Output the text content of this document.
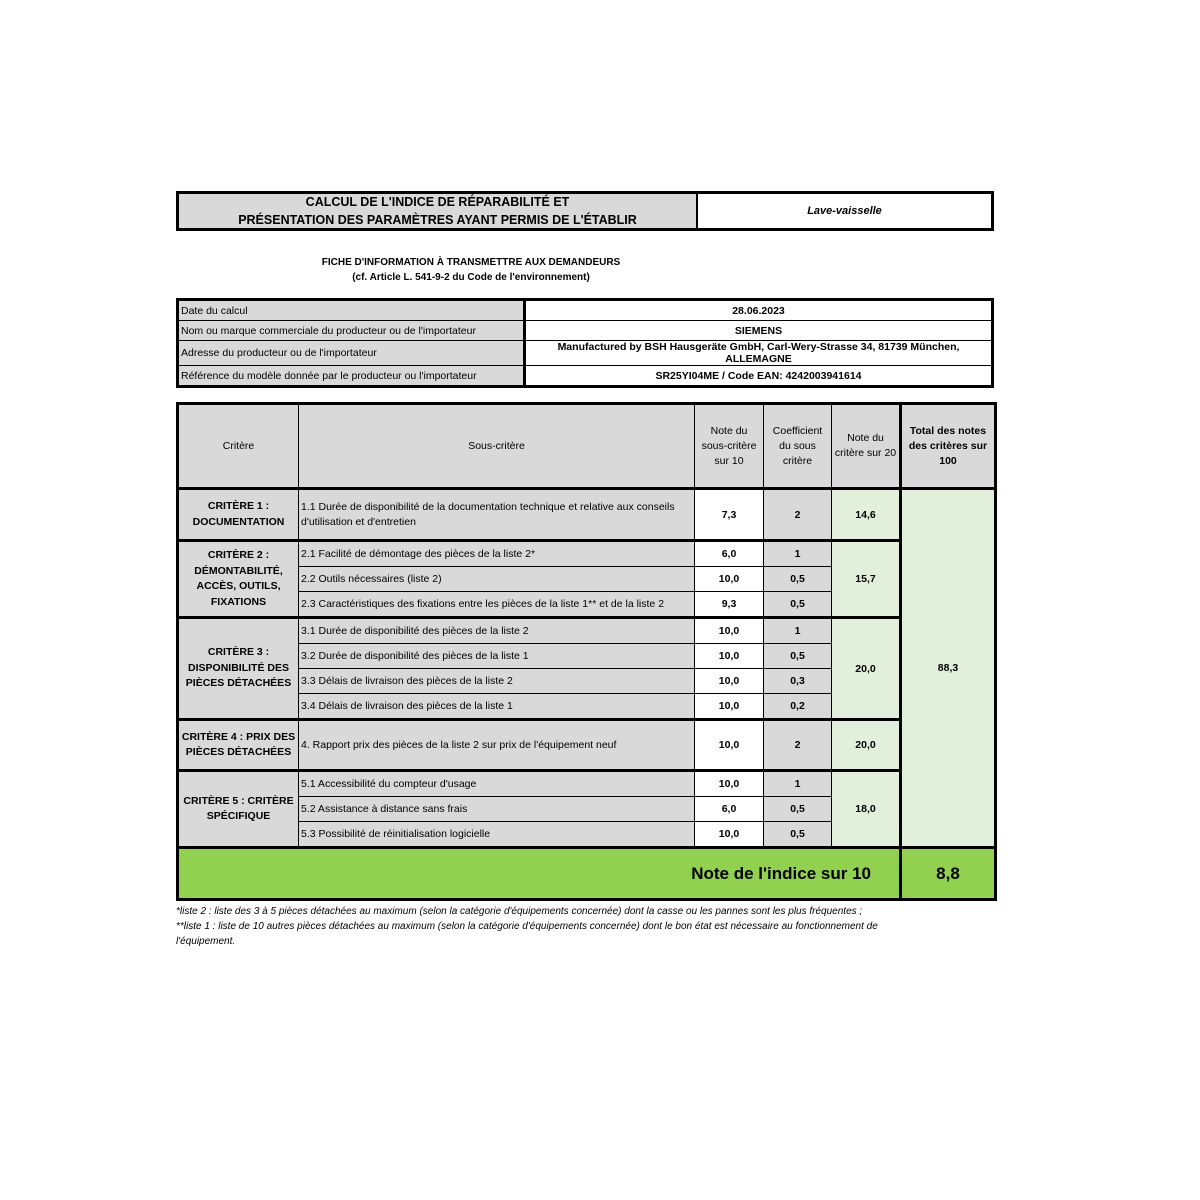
CALCUL DE L'INDICE DE RÉPARABILITÉ ET
PRÉSENTATION DES PARAMÈTRES AYANT PERMIS DE L'ÉTABLIR
Lave-vaisselle
FICHE D'INFORMATION À TRANSMETTRE AUX DEMANDEURS
(cf. Article L. 541-9-2 du Code de l'environnement)
Date du calcul	28.06.2023
Nom ou marque commerciale du producteur ou de l'importateur	SIEMENS
Adresse du producteur ou de l'importateur	Manufactured by BSH Hausgeräte GmbH, Carl-Wery-Strasse 34, 81739 München, ALLEMAGNE
Référence du modèle donnée par le producteur ou l'importateur	SR25YI04ME / Code EAN: 4242003941614
Critère	Sous-critère	Note du sous-critère sur 10	Coefficient du sous critère	Note du critère sur 20	Total des notes des critères sur 100
CRITÈRE 1 : DOCUMENTATION	1.1 Durée de disponibilité de la documentation technique et relative aux conseils d'utilisation et d'entretien	7,3	2	14,6	88,3
CRITÈRE 2 : DÉMONTABILITÉ, ACCÈS, OUTILS, FIXATIONS	2.1 Facilité de démontage des pièces de la liste 2*	6,0	1	15,7	
	2.2 Outils nécessaires (liste 2)	10,0	0,5		
	2.3 Caractéristiques des fixations entre les pièces de la liste 1** et de la liste 2	9,3	0,5		
CRITÈRE 3 : DISPONIBILITÉ DES PIÈCES DÉTACHÉES	3.1 Durée de disponibilité des pièces de la liste 2	10,0	1	20,0	
	3.2 Durée de disponibilité des pièces de la liste 1	10,0	0,5		
	3.3 Délais de livraison des pièces de la liste 2	10,0	0,3		
	3.4 Délais de livraison des pièces de la liste 1	10,0	0,2		
CRITÈRE 4 : PRIX DES PIÈCES DÉTACHÉES	4. Rapport prix des pièces de la liste 2 sur prix de l'équipement neuf	10,0	2	20,0	
CRITÈRE 5 : CRITÈRE SPÉCIFIQUE	5.1 Accessibilité du compteur d'usage	10,0	1	18,0	
	5.2 Assistance à distance sans frais	6,0	0,5		
	5.3 Possibilité de réinitialisation logicielle	10,0	0,5		
Note de l'indice sur 10					8,8
*liste 2 : liste des 3 à 5 pièces détachées au maximum (selon la catégorie d'équipements concernée) dont la casse ou les pannes sont les plus fréquentes ;
**liste 1 : liste de 10 autres pièces détachées au maximum (selon la catégorie d'équipements concernée) dont le bon état est nécessaire au fonctionnement de l'équipement.
